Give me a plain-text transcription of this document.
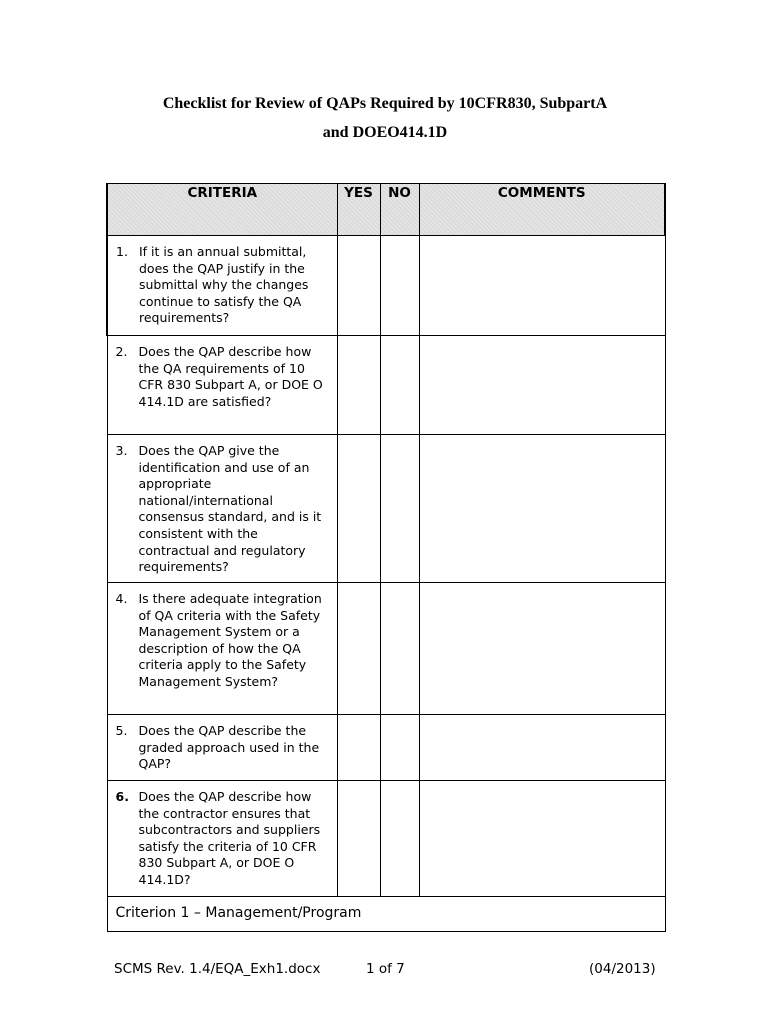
Checklist for Review of QAPs Required by 10CFR830, SubpartA
and DOEO414.1D
CRITERIA	YES	NO	COMMENTS

1. If it is an annual submittal, does the QAP justify in the submittal why the changes continue to satisfy the QA requirements?			

2. Does the QAP describe how the QA requirements of 10 CFR 830 Subpart A, or DOE O 414.1D are satisfied?			

3. Does the QAP give the identification and use of an appropriate national/international consensus standard, and is it consistent with the contractual and regulatory requirements?			

4. Is there adequate integration of QA criteria with the Safety Management System or a description of how the QA criteria apply to the Safety Management System?			

5. Does the QAP describe the graded approach used in the QAP?			

6. Does the QAP describe how the contractor ensures that subcontractors and suppliers satisfy the criteria of 10 CFR 830 Subpart A, or DOE O 414.1D?			

Criterion 1 – Management/Program			
SCMS Rev. 1.4/EQA_Exh1.docx	1 of 7	(04/2013)
